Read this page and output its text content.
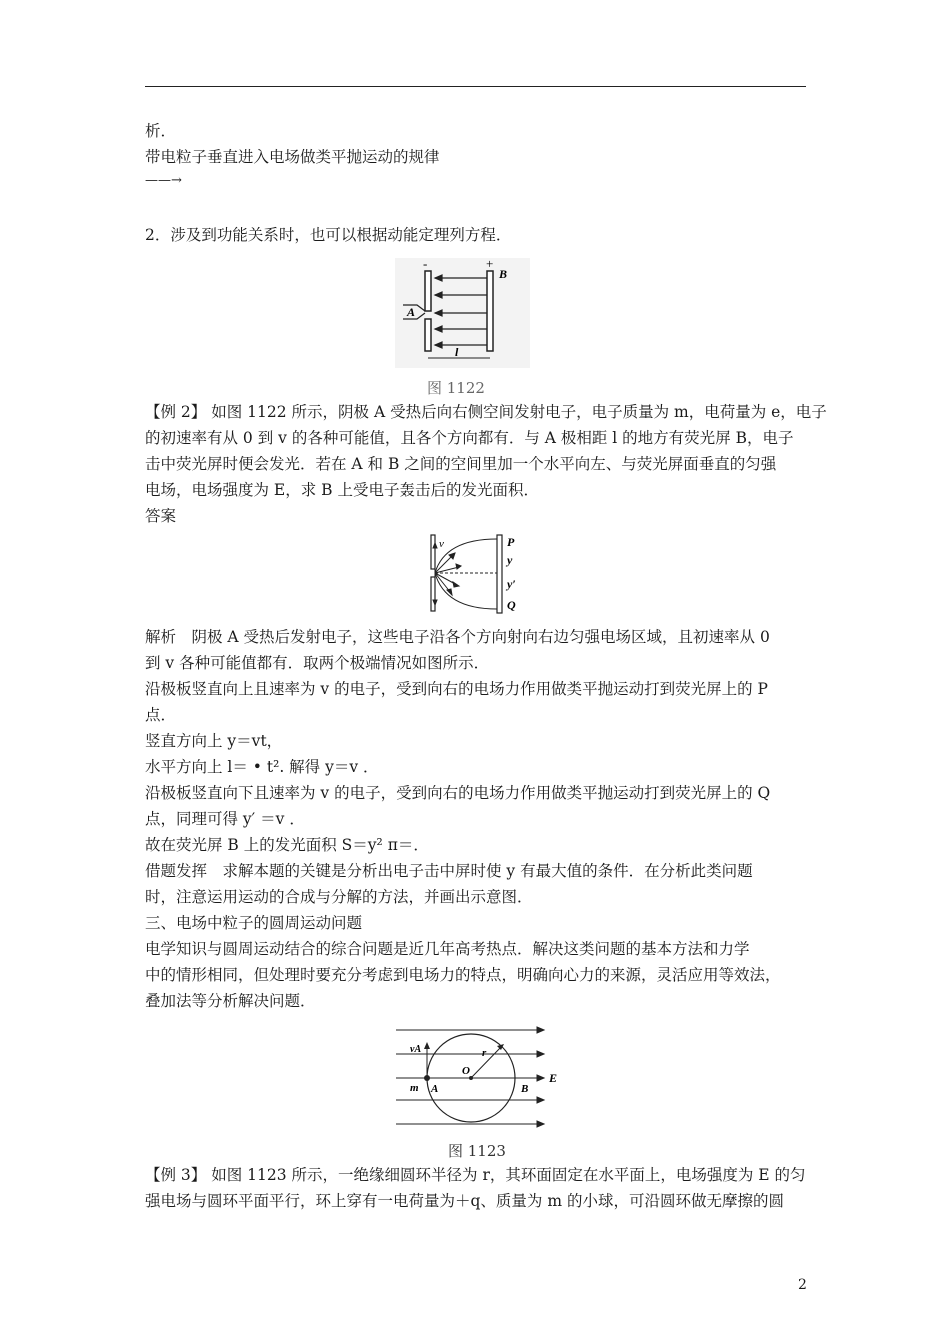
析．
带电粒子垂直进入电场做类平抛运动的规律
——→
2．涉及到功能关系时，也可以根据动能定理列方程．
-	+
B
A
l
图 1122
【例 2】 如图 1122 所示，阴极 A 受热后向右侧空间发射电子，电子质量为 m，电荷量为 e，电子
的初速率有从 0 到 v 的各种可能值，且各个方向都有．与 A 极相距 l 的地方有荧光屏 B，电子
击中荧光屏时便会发光．若在 A 和 B 之间的空间里加一个水平向左、与荧光屏面垂直的匀强
电场，电场强度为 E，求 B 上受电子轰击后的发光面积．
答案
v	P
y
y′
Q
解析　阴极 A 受热后发射电子，这些电子沿各个方向射向右边匀强电场区域，且初速率从 0
到 v 各种可能值都有．取两个极端情况如图所示．
沿极板竖直向上且速率为 v 的电子，受到向右的电场力作用做类平抛运动打到荧光屏上的 P
点．
竖直方向上 y＝vt，
水平方向上 l＝ • t². 解得 y＝v ．
沿极板竖直向下且速率为 v 的电子，受到向右的电场力作用做类平抛运动打到荧光屏上的 Q
点，同理可得 y′ ＝v ．
故在荧光屏 B 上的发光面积 S＝y² π＝．
借题发挥　求解本题的关键是分析出电子击中屏时使 y 有最大值的条件．在分析此类问题
时，注意运用运动的合成与分解的方法，并画出示意图．
三、电场中粒子的圆周运动问题
电学知识与圆周运动结合的综合问题是近几年高考热点．解决这类问题的基本方法和力学
中的情形相同，但处理时要充分考虑到电场力的特点，明确向心力的来源，灵活应用等效法，
叠加法等分析解决问题．
vA	r
E
m A
O
B
图 1123
【例 3】 如图 1123 所示，一绝缘细圆环半径为 r，其环面固定在水平面上，电场强度为 E 的匀
强电场与圆环平面平行，环上穿有一电荷量为＋q、质量为 m 的小球，可沿圆环做无摩擦的圆
2
